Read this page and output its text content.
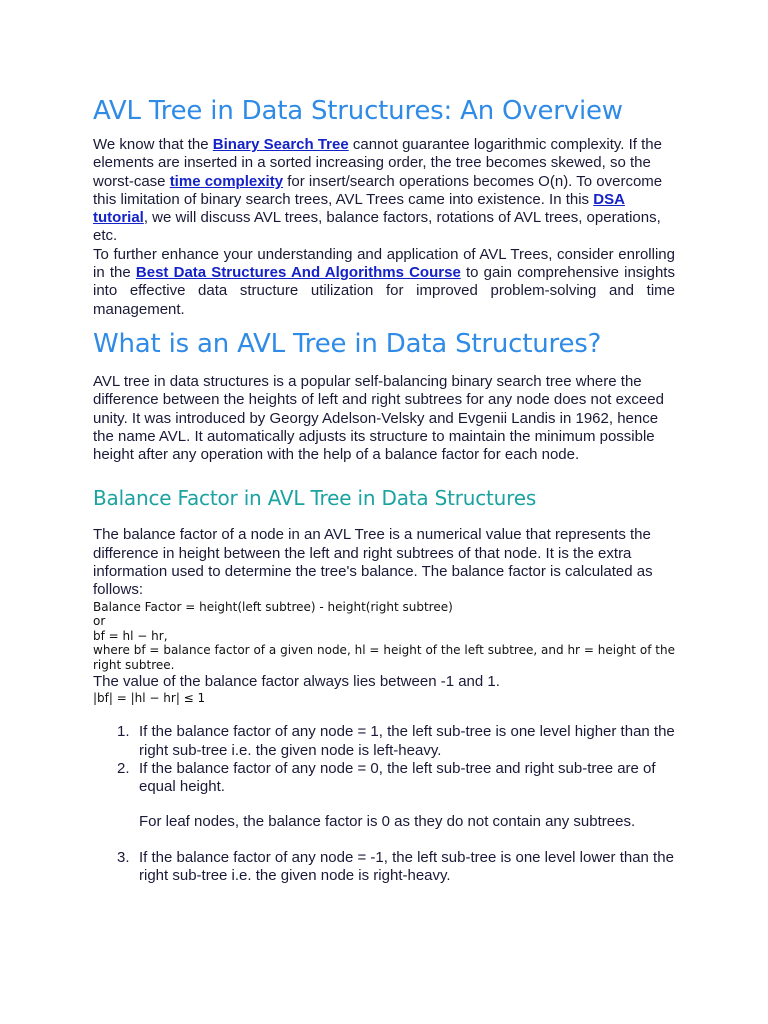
AVL Tree in Data Structures: An Overview

We know that the Binary Search Tree cannot guarantee logarithmic complexity. If the elements are inserted in a sorted increasing order, the tree becomes skewed, so the worst-case time complexity for insert/search operations becomes O(n). To overcome this limitation of binary search trees, AVL Trees came into existence. In this DSA tutorial, we will discuss AVL trees, balance factors, rotations of AVL trees, operations, etc.

To further enhance your understanding and application of AVL Trees, consider enrolling in the Best Data Structures And Algorithms Course to gain comprehensive insights into effective data structure utilization for improved problem-solving and time management.

What is an AVL Tree in Data Structures?

AVL tree in data structures is a popular self-balancing binary search tree where the difference between the heights of left and right subtrees for any node does not exceed unity. It was introduced by Georgy Adelson-Velsky and Evgenii Landis in 1962, hence the name AVL. It automatically adjusts its structure to maintain the minimum possible height after any operation with the help of a balance factor for each node.

Balance Factor in AVL Tree in Data Structures

The balance factor of a node in an AVL Tree is a numerical value that represents the difference in height between the left and right subtrees of that node. It is the extra information used to determine the tree's balance. The balance factor is calculated as follows:

Balance Factor = height(left subtree) - height(right subtree)

or

bf = hl − hr,

where bf = balance factor of a given node, hl = height of the left subtree, and hr = height of the right subtree.

The value of the balance factor always lies between -1 and 1.

|bf| = |hl − hr| ≤ 1

1. If the balance factor of any node = 1, the left sub-tree is one level higher than the right sub-tree i.e. the given node is left-heavy.

2. If the balance factor of any node = 0, the left sub-tree and right sub-tree are of equal height.

For leaf nodes, the balance factor is 0 as they do not contain any subtrees.

3. If the balance factor of any node = -1, the left sub-tree is one level lower than the right sub-tree i.e. the given node is right-heavy.
